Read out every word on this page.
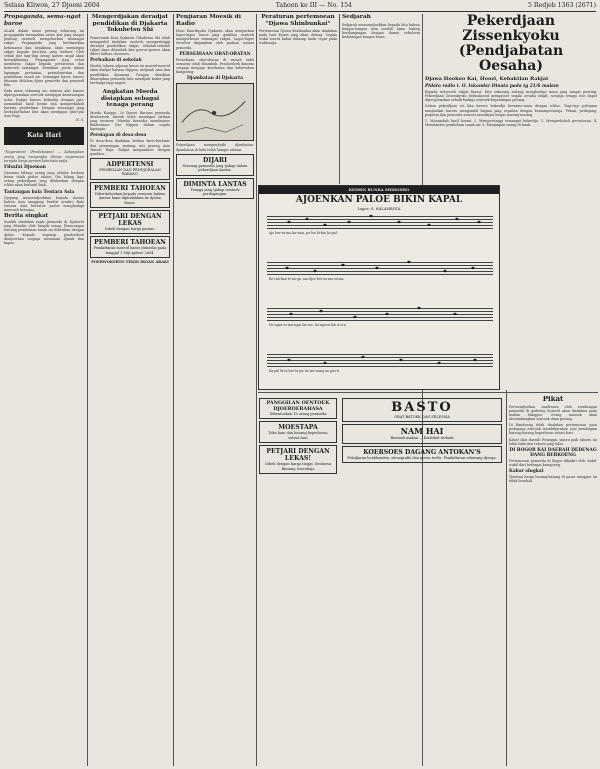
Selasa Kliwon, 27 Djoeni 2604	Tahoen ke III — No. 154	5 Redjeb 1363 (2671)
Propaganda, sema-ngat baroe

ALAM dalam masa perang sekarang ini propaganda merupakan satoe alat jang sangat penting oentoek mengobarkan semangat rakjat. Propaganda jang berdasarkan kebenaran dan kejakinan akan memimpin rakjat kepada tjita-tjita jang loehoer. Oleh sebab itoe tiap-tiap orang haroes insjaf akan kewadjibannja. Propaganda jang sehat membawa rakjat kepada persatoean dan keteroeh semangat. Demikian poela dalam lapangan pertanian, perindoestrian dan pembelaan tanah air. Semangat baroe haroes ditanam didalam djiwa pemoeda dan pemoedi kita.

Pada masa sekarang ini, semoea alat haroes dipergoenakan oentoek mentjapai kemenangan achir. Rakjat haroes bekerdja dengan giat, menambah hasil boemi dan memperkokoh barisan pembelaan. Dengan semangat jang berkobar-kobar kita akan mentjapai tjita-tjita Asia Raja.

N. S.

Kata Hari

"Negarawan" (Pendekawan) — Kebanjakan orang jang menjangka dirinja negarawan ternjata hanja pemain kata-kata sadja.

Filsafat Djoeman

Djoeman bilang: orang jang selaloe berkata benar tidak perloe takoet. Dia bilang lagi: setiap pekerdjaan jang dilakoekan dengan ichlas akan berhasil baik.

Tantangan bala Tentara Asia

Djepang menoendjoekkan kepada doenia bahwa Asia sanggoep berdiri sendiri. Bala tentara Asia bersatoe padoe menghadapi moesoeh bersama.

Berita singkat

Soedah diadakan rapat pemoeda di Djakarta jang dihadiri oleh banjak orang. Penerangan tentang pembelaan tanah air diberikan dengan djelas. Kepada segenap pendoedoek dianjoerkan soepaja menanam djarak dan kapas.

Mengerdjakan deradjat pendidikan di Djakarta Tokubetsu Shi

Pemerintah Kota Djakarta Tokubetsu Shi telah mengambil tindakan oentoek mempertinggi deradjat pendidikan rakjat. Sekolah-sekolah rakjat akan ditambah dan goeroe-goeroe akan diberi latihan choesoes.

Perbaikan di sekolah

Moelai tahoen adjaran baroe ini moerid-moerid akan diadjar bahasa Nippon, sedjarah Asia dan pendidikan djasmani. Dengan demikian diharapkan pemoeda kita mendjadi kader jang berharga bagi negeri.

Angkatan Moeda disiapkan sebagai tenaga perang

Moeda Kanggo, 26 Djoeni. Barisan pemoeda diseloeroeh daerah telah mendapat latihan jang teratoer. Mereka bersedia membantoe Balatentara Dai Nippon dalam segala lapangan.

Persiapan di desa-desa

Di desa-desa diadakan latihan baris-berbaris dan penerangan tentang arti perang Asia Timoer Raja. Rakjat menjamboet dengan gembira.

ADPERTENSI
PEMBELIAN DAN PENDJOEALAN BARANG
PEMBERI TAHOEAN
Diberitahoekan kepada oemoem bahwa kantor kami dipindahkan ke djalan baroe.
PETJARI DENGAN LEKAS
Dibeli dengan harga pantas.
PEMBERI TAHOEAN
Pendaftaran moerid baroe dimoelai pada tanggal 1 Sitji-gatsoe 2604.
POERWOKERTO TEKIO IKOAN ARAKI
Penjiaran Moesik di Radio

Hoso Kanrikyoku Djakarta akan menjiarkan lagoe-lagoe baroe jang gembira oentoek memperkoeat semangat rakjat. Lagoe-lagoe tersebut dinjanjikan oleh paduan soeara pemoeda.

PERSEDIAAN OBAT-OBATAN

Persediaan obat-obatan di rumah sakit oemoem telah ditambah. Pendoedoek diminta soepaja menjaga kesehatan dan kebersihan kampoeng.

Djambatan di Djakarta

Pekerdjaan memperbaiki djambatan-djambatan di kota telah hampir selesai.

DIJARI
Seorang pemoeda jang tjakap dalam pekerdjaan kantor.
DIMINTA LANTAS
Tenaga jang tjakap oentoek perdagangan.
Peraturan pertemoean "Djawa Shinbunkai"

Pertemoean Djawa Shinbunkai akan diadakan pada hari Kemis jang akan datang. Segala wakil soerat kabar diharap hadir tepat pada waktoenja.

Sedjarah

Sedjarah menoendjoekkan kepada kita bahwa bangsa-bangsa Asia soedah lama hidoep berdampingan dengan damai sebeloem kedatangan bangsa barat.

KEIMIN BUNKA SHIDOSHO
AJOENKAN PALOE BIKIN KAPAL
Lagoe: S. HALAMBOTA
Ajo ber-sa-ma ka-wan, pa-loe bi-kin ka-pal
Ke-rah-kan te-na-ga, ma-djoe ber-sa-ma-sa-ma
De-ngan se-ma-ngat ba-roe, ba-ngoen-lah A-si-a
Ka-pal ki-ta ber-la-jar, ke-me-nang-an pas-ti
PANGGILAN OENTOEK DJOEROEBAHASA
Dibentoekan 10 orang pemoeda
MOESTAPA
Toko kain dan barang keperloean sehari-hari
PETJARI DENGAN LEKAS!
Dibeli dengan harga tinggi. Sentoesa Bintang Soerabaja
BASTO
OBAT BATOEK DAN SELESMA
NAM HAI
Roemah makan — Kwaliteit terbaik
KOERSOES DAGANG ANTOKAN'S
Peladjaran boekhouden, stenografie dan mesin toelis. Pendaftaran sekarang djoega.
Pekerdjaan Zissenkyoku (Pendjabatan Oesaha)
Djawa Hookoo Kai, Hoozi, Kebaktian Rakjat
Pidato radio t. O. Iskandar Dinata pada tg 21/6 malam

Kepada seloeroeh rakjat Djawa! Kita sekarang sedang menghadapi masa jang sangat penting. Pekerdjaan Zissenkyoku bermaksoed mengatoer segala oesaha rakjat, soepaja tenaga itoe dapat dipergoenakan sebaik-baiknja oentoek kepentingan perang.

Dalam pekerdjaan ini kita haroes bekerdja bersama-sama dengan ichlas. Tiap-tiap golongan masjarakat haroes mengambil bagian jang sepadan dengan kemampoeannja. Petani, pedagang, pegawai dan pemoeda semoea mendapat toegas masing-masing.

1. Menambah hasil boemi. 2. Mempertinggi semangat bekerdja. 3. Memperkokoh persatoean. 4. Membantoe pembelaan tanah air. 5. Menjimpan oeang di bank.

Pikat

Pertoendjoekan sandiwara oleh rombongan pemoeda di gedoeng Komedi akan diadakan pada malam Minggoe. Oeang masoek akan disoembangkan oentoek dana perang.

Di Bandoeng telah diadakan pertemoean para pedagang oentoek membitjarakan soal pembagian barang-barang keperloean sehari-hari.

Kabar dari daerah Priangan: panen padi tahoen ini lebih baik dari tahoen jang laloe.

DI BOGOR KAI DAERAH DEDENAG DANG BERKOENG

Pertemoean pemoeda di Bogor dihadiri oleh wakil-wakil dari berbagai kampoeng.

Kabar singkat

Tjatatan harga barang-barang di pasar minggoe ini tidak berobah.
